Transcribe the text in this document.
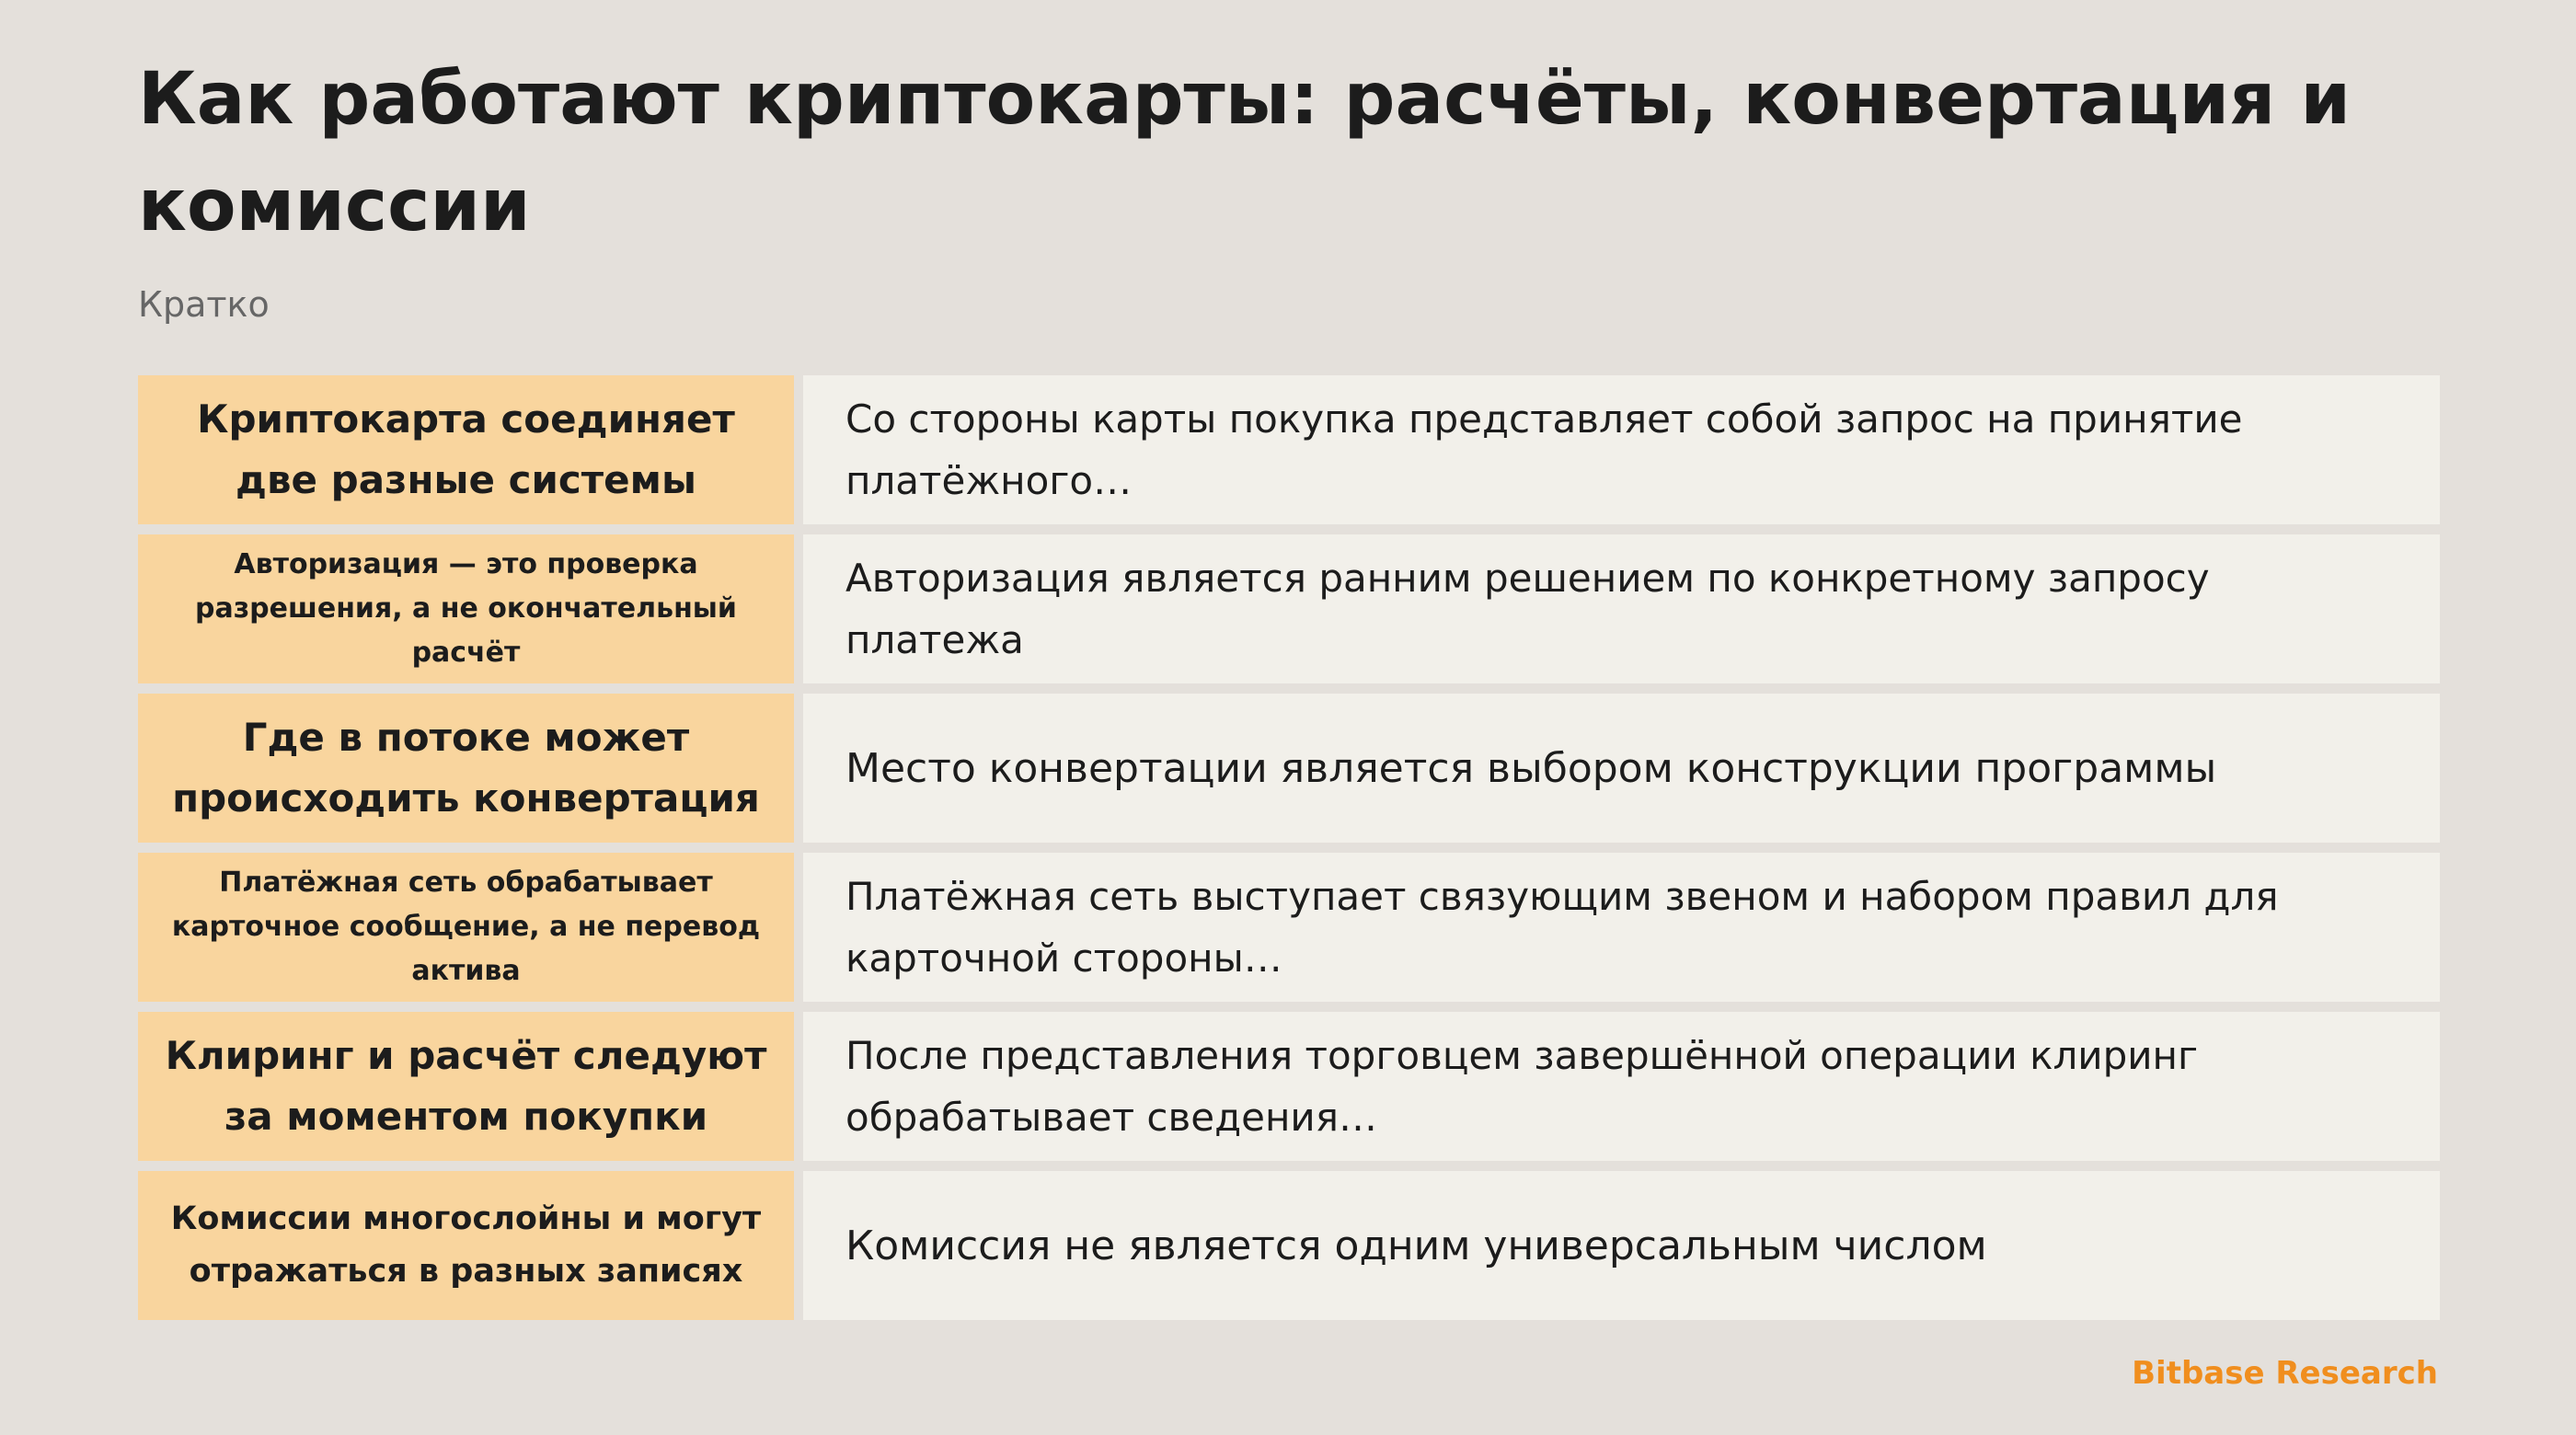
Как работают криптокарты: расчёты, конвертация и комиссии
Кратко
Криптокарта соединяет две разные системы
Со стороны карты покупка представляет собой запрос на принятие платёжного…
Авторизация — это проверка разрешения, а не окончательный расчёт
Авторизация является ранним решением по конкретному запросу платежа
Где в потоке может происходить конвертация
Место конвертации является выбором конструкции программы
Платёжная сеть обрабатывает карточное сообщение, а не перевод актива
Платёжная сеть выступает связующим звеном и набором правил для карточной стороны…
Клиринг и расчёт следуют за моментом покупки
После представления торговцем завершённой операции клиринг обрабатывает сведения…
Комиссии многослойны и могут отражаться в разных записях
Комиссия не является одним универсальным числом
Bitbase Research
